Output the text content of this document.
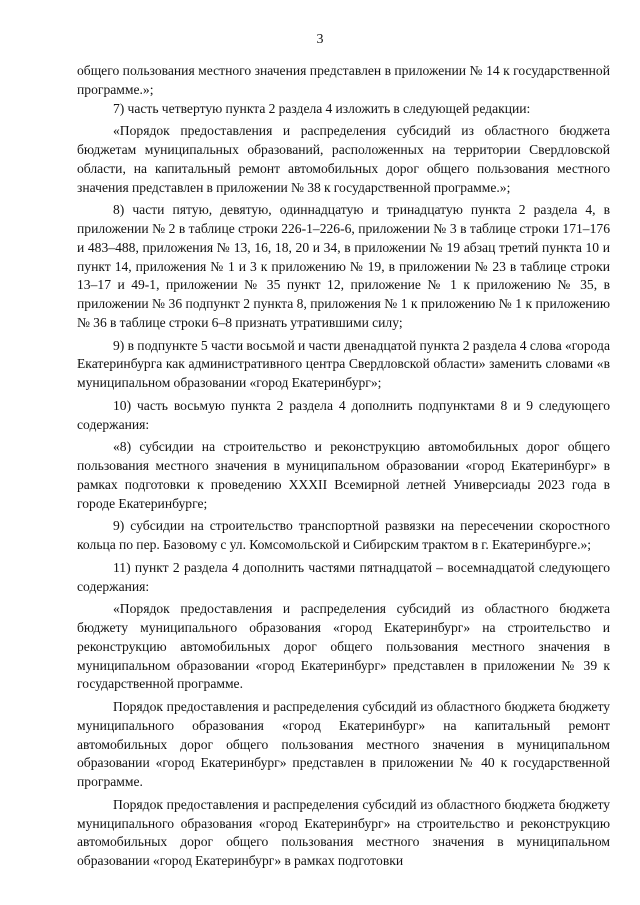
3

общего пользования местного значения представлен в приложении № 14 к государственной программе.»;

7) часть четвертую пункта 2 раздела 4 изложить в следующей редакции:

«Порядок предоставления и распределения субсидий из областного бюджета бюджетам муниципальных образований, расположенных на территории Свердловской области, на капитальный ремонт автомобильных дорог общего пользования местного значения представлен в приложении № 38 к государственной программе.»;

8) части пятую, девятую, одиннадцатую и тринадцатую пункта 2 раздела 4, в приложении № 2 в таблице строки 226-1–226-6, приложении № 3 в таблице строки 171–176 и 483–488, приложения № 13, 16, 18, 20 и 34, в приложении № 19 абзац третий пункта 10 и пункт 14, приложения № 1 и 3 к приложению № 19, в приложении № 23 в таблице строки 13–17 и 49-1, приложении № 35 пункт 12, приложение № 1 к приложению № 35, в приложении № 36 подпункт 2 пункта 8, приложения № 1 к приложению № 1 к приложению № 36 в таблице строки 6–8 признать утратившими силу;

9) в подпункте 5 части восьмой и части двенадцатой пункта 2 раздела 4 слова «города Екатеринбурга как административного центра Свердловской области» заменить словами «в муниципальном образовании «город Екатеринбург»;

10) часть восьмую пункта 2 раздела 4 дополнить подпунктами 8 и 9 следующего содержания:

«8) субсидии на строительство и реконструкцию автомобильных дорог общего пользования местного значения в муниципальном образовании «город Екатеринбург» в рамках подготовки к проведению XXXII Всемирной летней Универсиады 2023 года в городе Екатеринбурге;

9) субсидии на строительство транспортной развязки на пересечении скоростного кольца по пер. Базовому с ул. Комсомольской и Сибирским трактом в г. Екатеринбурге.»;

11) пункт 2 раздела 4 дополнить частями пятнадцатой – восемнадцатой следующего содержания:

«Порядок предоставления и распределения субсидий из областного бюджета бюджету муниципального образования «город Екатеринбург» на строительство и реконструкцию автомобильных дорог общего пользования местного значения в муниципальном образовании «город Екатеринбург» представлен в приложении № 39 к государственной программе.

Порядок предоставления и распределения субсидий из областного бюджета бюджету муниципального образования «город Екатеринбург» на капитальный ремонт автомобильных дорог общего пользования местного значения в муниципальном образовании «город Екатеринбург» представлен в приложении № 40 к государственной программе.

Порядок предоставления и распределения субсидий из областного бюджета бюджету муниципального образования «город Екатеринбург» на строительство и реконструкцию автомобильных дорог общего пользования местного значения в муниципальном образовании «город Екатеринбург» в рамках подготовки
